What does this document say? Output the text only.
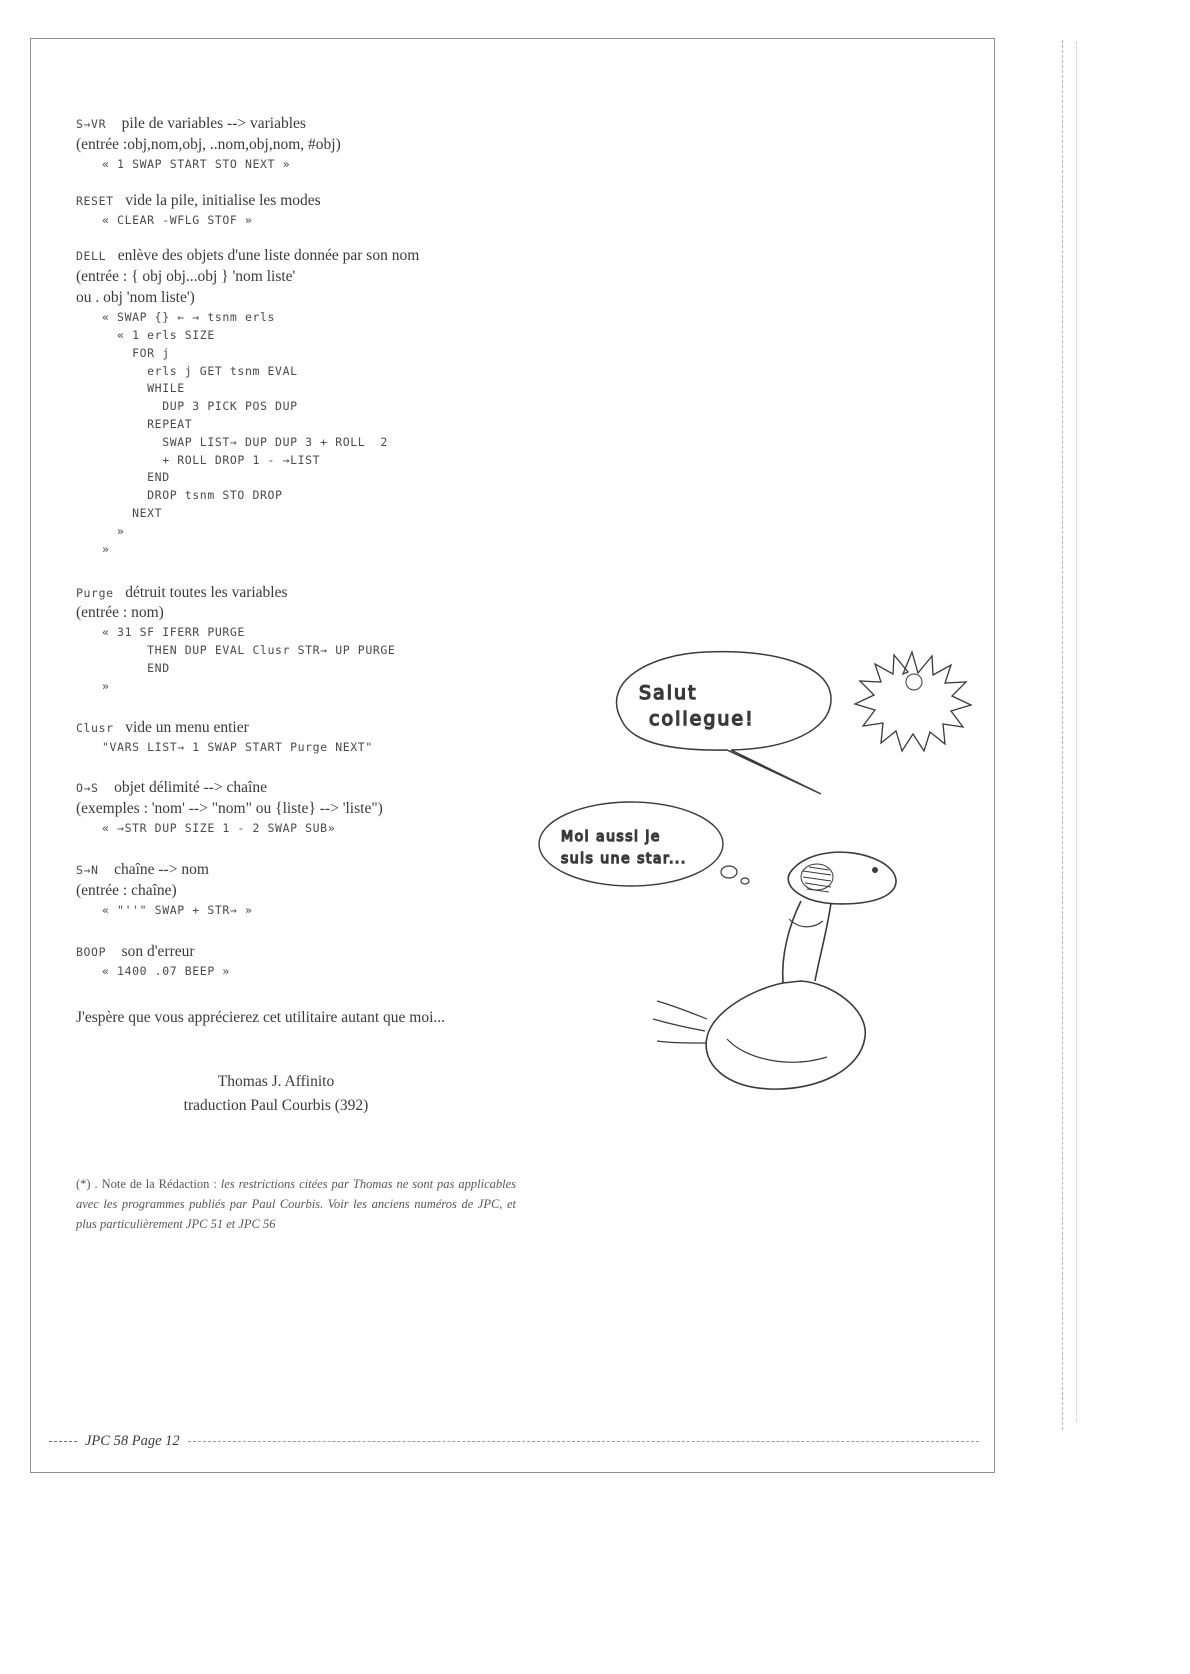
S→VR pile de variables --> variables
(entrée :obj,nom,obj, ..nom,obj,nom, #obj)
« 1 SWAP START STO NEXT »
RESET vide la pile, initialise les modes
« CLEAR -WFLG STOF »
DELL enlève des objets d'une liste donnée par son nom
(entrée : { obj obj...obj } 'nom liste'
ou . obj 'nom liste')
« SWAP {} ← → tsnm erls
« 1 erls SIZE
FOR j
erls j GET tsnm EVAL
WHILE
DUP 3 PICK POS DUP
REPEAT
SWAP LIST→ DUP DUP 3 + ROLL  2
+ ROLL DROP 1 - →LIST
END
DROP tsnm STO DROP
NEXT
»
»
Purge détruit toutes les variables
(entrée : nom)
« 31 SF IFERR PURGE
THEN DUP EVAL Clusr STR→ UP PURGE
END
»
Clusr vide un menu entier
"VARS LIST→ 1 SWAP START Purge NEXT"
O→S objet délimité --> chaîne
(exemples : 'nom' --> "nom" ou {liste} --> 'liste")
« →STR DUP SIZE 1 - 2 SWAP SUB»
S→N chaîne --> nom
(entrée : chaîne)
« "''" SWAP + STR→ »
BOOP son d'erreur
« 1400 .07 BEEP »
J'espère que vous apprécierez cet utilitaire autant que moi...
Thomas J. Affinito
traduction Paul Courbis (392)
(*) . Note de la Rédaction : les restrictions citées par Thomas ne sont pas applicables avec les programmes publiés par Paul Courbis. Voir les anciens numéros de JPC, et plus particulièrement JPC 51 et JPC 56
Salut
collegue!
Moi aussi je
suis une star...
JPC 58 Page 12
